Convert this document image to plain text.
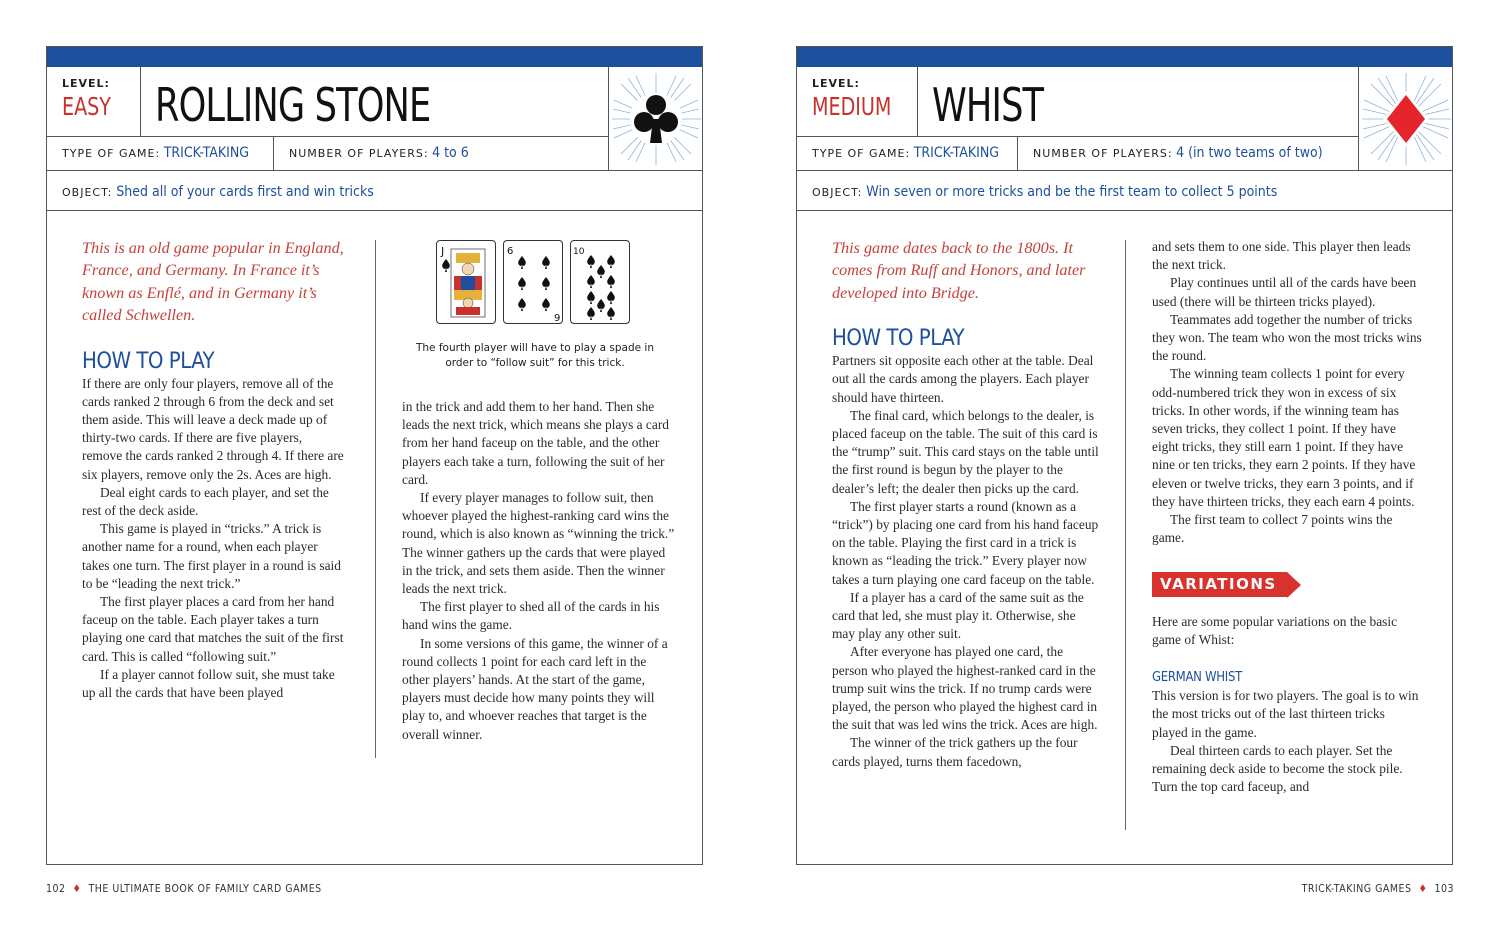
LEVEL:
EASY ROLLING STONE
TYPE OF GAME: TRICK-TAKING	NUMBER OF PLAYERS: 4 to 6
OBJECT: Shed all of your cards first and win tricks

This is an old game popular in England, France, and Germany. In France it’s known as Enflé, and in Germany it’s called Schwellen.

HOW TO PLAY

If there are only four players, remove all of the cards ranked 2 through 6 from the deck and set them aside. This will leave a deck made up of thirty-two cards. If there are five players, remove the cards ranked 2 through 4. If there are six players, remove only the 2s. Aces are high.

Deal eight cards to each player, and set the rest of the deck aside.

This game is played in “tricks.” A trick is another name for a round, when each player takes one turn. The first player in a round is said to be “leading the next trick.”

The first player places a card from her hand faceup on the table. Each player takes a turn playing one card that matches the suit of the first card. This is called “following suit.”

If a player cannot follow suit, she must take up all the cards that have been played

J	6
9
10
The fourth player will have to play a spade in order to “follow suit” for this trick.

in the trick and add them to her hand. Then she leads the next trick, which means she plays a card from her hand faceup on the table, and the other players each take a turn, following the suit of her card.

If every player manages to follow suit, then whoever played the highest-ranking card wins the round, which is also known as “winning the trick.” The winner gathers up the cards that were played in the trick, and sets them aside. Then the winner leads the next trick.

The first player to shed all of the cards in his hand wins the game.

In some versions of this game, the winner of a round collects 1 point for each card left in the other players’ hands. At the start of the game, players must decide how many points they will play to, and whoever reaches that target is the overall winner.

LEVEL:
MEDIUM WHIST
TYPE OF GAME: TRICK-TAKING	NUMBER OF PLAYERS: 4 (in two teams of two)
OBJECT: Win seven or more tricks and be the first team to collect 5 points

This game dates back to the 1800s. It comes from Ruff and Honors, and later developed into Bridge.

HOW TO PLAY

Partners sit opposite each other at the table. Deal out all the cards among the players. Each player should have thirteen.

The final card, which belongs to the dealer, is placed faceup on the table. The suit of this card is the “trump” suit. This card stays on the table until the first round is begun by the player to the dealer’s left; the dealer then picks up the card.

The first player starts a round (known as a “trick”) by placing one card from his hand faceup on the table. Playing the first card in a trick is known as “leading the trick.” Every player now takes a turn playing one card faceup on the table.

If a player has a card of the same suit as the card that led, she must play it. Otherwise, she may play any other suit.

After everyone has played one card, the person who played the highest-ranked card in the trump suit wins the trick. If no trump cards were played, the person who played the highest card in the suit that was led wins the trick. Aces are high.

The winner of the trick gathers up the four cards played, turns them facedown,

and sets them to one side. This player then leads the next trick.

Play continues until all of the cards have been used (there will be thirteen tricks played).

Teammates add together the number of tricks they won. The team who won the most tricks wins the round.

The winning team collects 1 point for every odd-numbered trick they won in excess of six tricks. In other words, if the winning team has seven tricks, they collect 1 point. If they have eight tricks, they still earn 1 point. If they have nine or ten tricks, they earn 2 points. If they have eleven or twelve tricks, they earn 3 points, and if they have thirteen tricks, they each earn 4 points.

The first team to collect 7 points wins the game.

VARIATIONS

Here are some popular variations on the basic game of Whist:

GERMAN WHIST

This version is for two players. The goal is to win the most tricks out of the last thirteen tricks played in the game.

Deal thirteen cards to each player. Set the remaining deck aside to become the stock pile. Turn the top card faceup, and

102  ♦  THE ULTIMATE BOOK OF FAMILY CARD GAMES	TRICK-TAKING GAMES  ♦  103
